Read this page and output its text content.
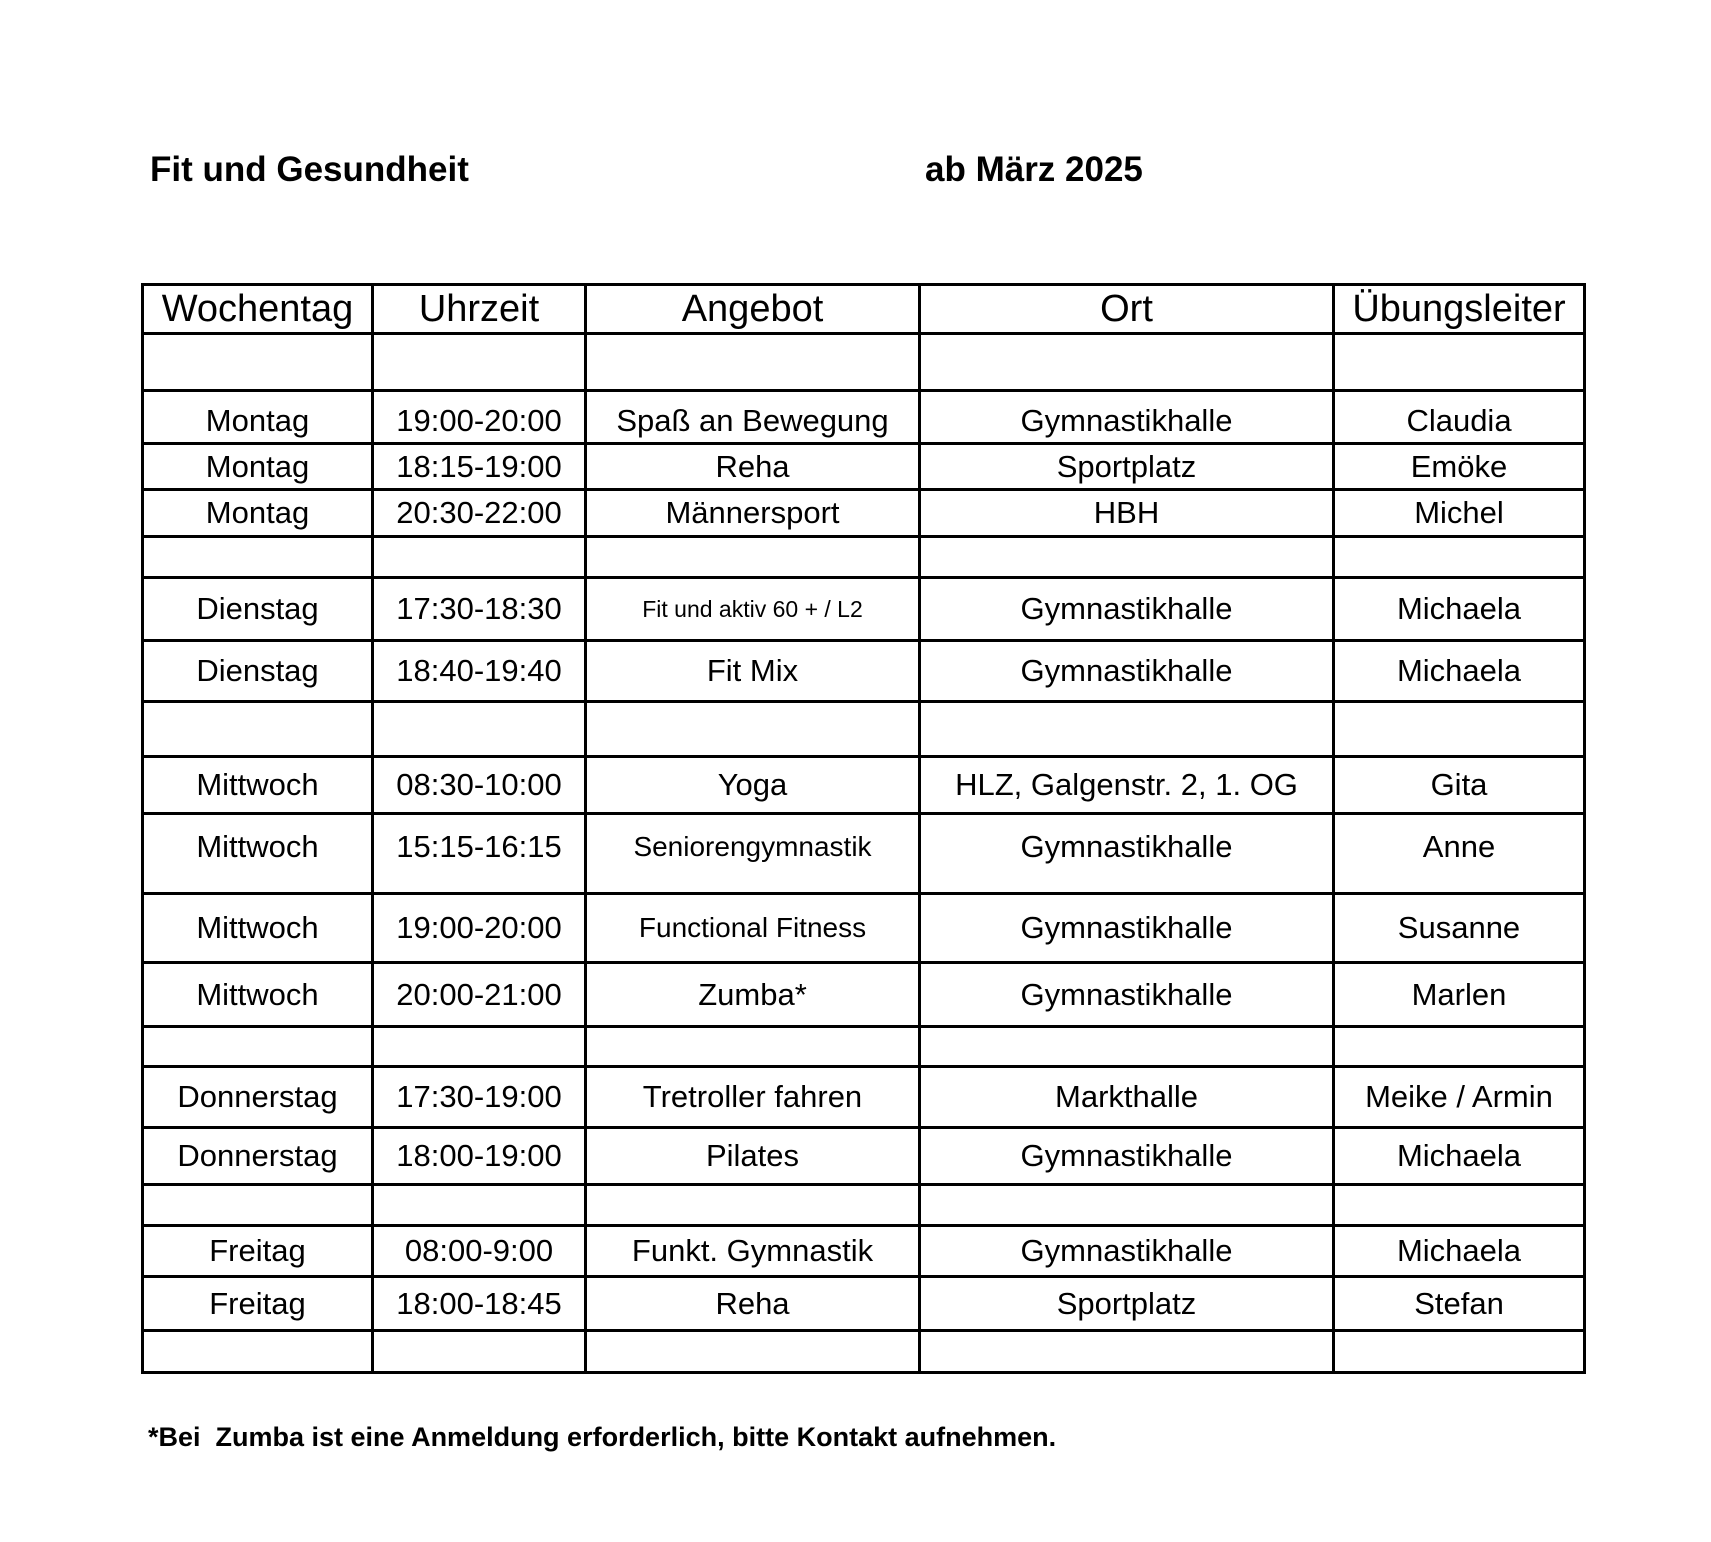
Fit und Gesundheit	ab März 2025
Wochentag	Uhrzeit	Angebot	Ort	Übungsleiter

Montag	19:00-20:00	Spaß an Bewegung	Gymnastikhalle	Claudia
Montag	18:15-19:00	Reha	Sportplatz	Emöke
Montag	20:30-22:00	Männersport	HBH	Michel

Dienstag	17:30-18:30	Fit und aktiv 60 + / L2	Gymnastikhalle	Michaela
Dienstag	18:40-19:40	Fit Mix	Gymnastikhalle	Michaela

Mittwoch	08:30-10:00	Yoga	HLZ, Galgenstr. 2, 1. OG	Gita
Mittwoch	15:15-16:15	Seniorengymnastik	Gymnastikhalle	Anne
Mittwoch	19:00-20:00	Functional Fitness	Gymnastikhalle	Susanne
Mittwoch	20:00-21:00	Zumba*	Gymnastikhalle	Marlen

Donnerstag	17:30-19:00	Tretroller fahren	Markthalle	Meike / Armin
Donnerstag	18:00-19:00	Pilates	Gymnastikhalle	Michaela

Freitag	08:00-9:00	Funkt. Gymnastik	Gymnastikhalle	Michaela
Freitag	18:00-18:45	Reha	Sportplatz	Stefan

*Bei  Zumba ist eine Anmeldung erforderlich, bitte Kontakt aufnehmen.
